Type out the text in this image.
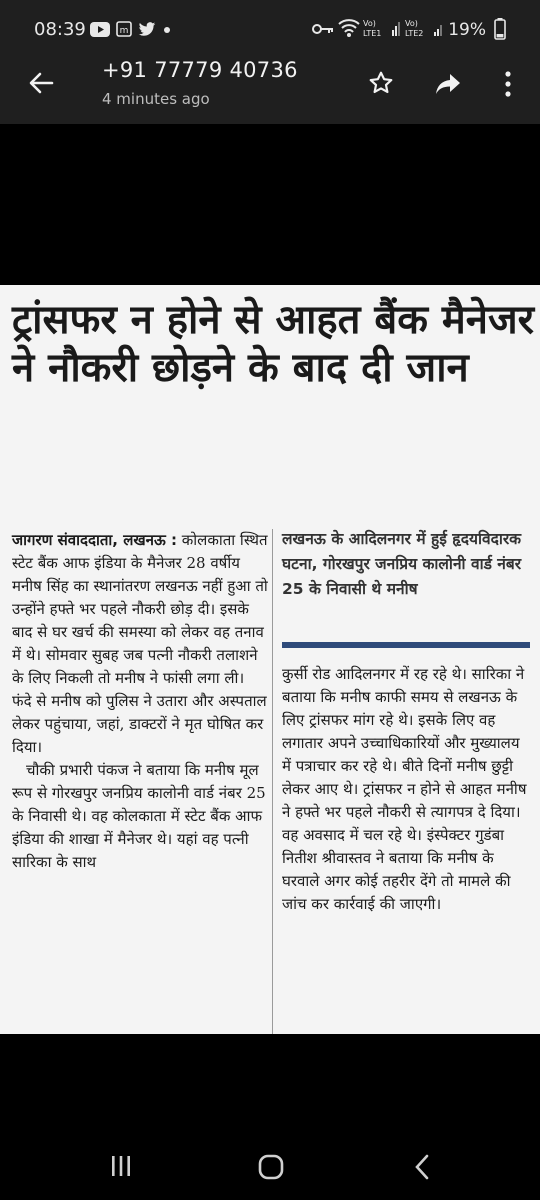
08:39	m
Vo) LTE1
Vo) LTE2	19%
+91 77779 40736
4 minutes ago
ट्रांसफर न होने से आहत बैंक मैनेजर
ने नौकरी छोड़ने के बाद दी जान

जागरण संवाददाता, लखनऊ : कोलकाता स्थित स्टेट बैंक आफ इंडिया के मैनेजर 28 वर्षीय मनीष सिंह का स्थानांतरण लखनऊ नहीं हुआ तो उन्होंने हफ्ते भर पहले नौकरी छोड़ दी। इसके बाद से घर खर्च की समस्या को लेकर वह तनाव में थे। सोमवार सुबह जब पत्नी नौकरी तलाशने के लिए निकली तो मनीष ने फांसी लगा ली। फंदे से मनीष को पुलिस ने उतारा और अस्पताल लेकर पहुंचाया, जहां, डाक्टरों ने मृत घोषित कर दिया।

चौकी प्रभारी पंकज ने बताया कि मनीष मूल रूप से गोरखपुर जनप्रिय कालोनी वार्ड नंबर 25 के निवासी थे। वह कोलकाता में स्टेट बैंक आफ इंडिया की शाखा में मैनेजर थे। यहां वह पत्नी सारिका के साथ

लखनऊ के आदिलनगर में हुई हृदयविदारक घटना, गोरखपुर जनप्रिय कालोनी वार्ड नंबर 25 के निवासी थे मनीष

कुर्सी रोड आदिलनगर में रह रहे थे। सारिका ने बताया कि मनीष काफी समय से लखनऊ के लिए ट्रांसफर मांग रहे थे। इसके लिए वह लगातार अपने उच्चाधिकारियों और मुख्यालय में पत्राचार कर रहे थे। बीते दिनों मनीष छुट्टी लेकर आए थे। ट्रांसफर न होने से आहत मनीष ने हफ्ते भर पहले नौकरी से त्यागपत्र दे दिया। वह अवसाद में चल रहे थे। इंस्पेक्टर गुडंबा नितीश श्रीवास्तव ने बताया कि मनीष के घरवाले अगर कोई तहरीर देंगे तो मामले की जांच कर कार्रवाई की जाएगी।
